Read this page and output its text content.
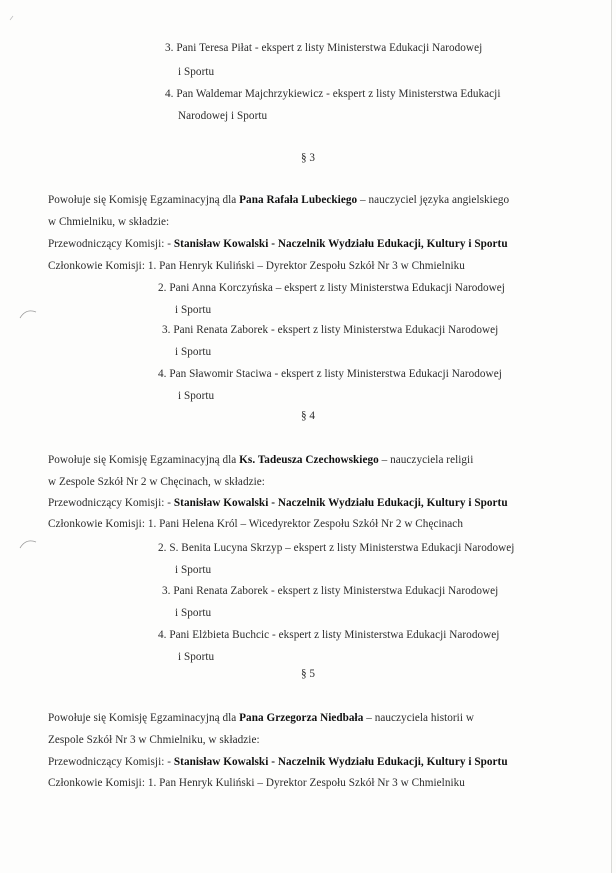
3. Pani Teresa Piłat - ekspert z listy Ministerstwa Edukacji Narodowej
i Sportu
4. Pan Waldemar Majchrzykiewicz - ekspert z listy Ministerstwa Edukacji
Narodowej i Sportu
§ 3
Powołuje się Komisję Egzaminacyjną dla Pana Rafała Lubeckiego – nauczyciel języka angielskiego
w Chmielniku, w składzie:
Przewodniczący Komisji: - Stanisław Kowalski - Naczelnik Wydziału Edukacji, Kultury i Sportu
Członkowie Komisji: 1. Pan Henryk Kuliński – Dyrektor Zespołu Szkół Nr 3 w Chmielniku
2. Pani Anna Korczyńska – ekspert z listy Ministerstwa Edukacji Narodowej
i Sportu
3. Pani Renata Zaborek - ekspert z listy Ministerstwa Edukacji Narodowej
i Sportu
4. Pan Sławomir Staciwa - ekspert z listy Ministerstwa Edukacji Narodowej
i Sportu
§ 4
Powołuje się Komisję Egzaminacyjną dla Ks. Tadeusza Czechowskiego – nauczyciela religii
w Zespole Szkół Nr 2 w Chęcinach, w składzie:
Przewodniczący Komisji: - Stanisław Kowalski - Naczelnik Wydziału Edukacji, Kultury i Sportu
Członkowie Komisji: 1. Pani Helena Król – Wicedyrektor Zespołu Szkół Nr 2 w Chęcinach
2. S. Benita Lucyna Skrzyp – ekspert z listy Ministerstwa Edukacji Narodowej
i Sportu
3. Pani Renata Zaborek - ekspert z listy Ministerstwa Edukacji Narodowej
i Sportu
4. Pani Elżbieta Buchcic - ekspert z listy Ministerstwa Edukacji Narodowej
i Sportu
§ 5
Powołuje się Komisję Egzaminacyjną dla Pana Grzegorza Niedbała – nauczyciela historii w
Zespole Szkół Nr 3 w Chmielniku, w składzie:
Przewodniczący Komisji: - Stanisław Kowalski - Naczelnik Wydziału Edukacji, Kultury i Sportu
Członkowie Komisji: 1. Pan Henryk Kuliński – Dyrektor Zespołu Szkół Nr 3 w Chmielniku
